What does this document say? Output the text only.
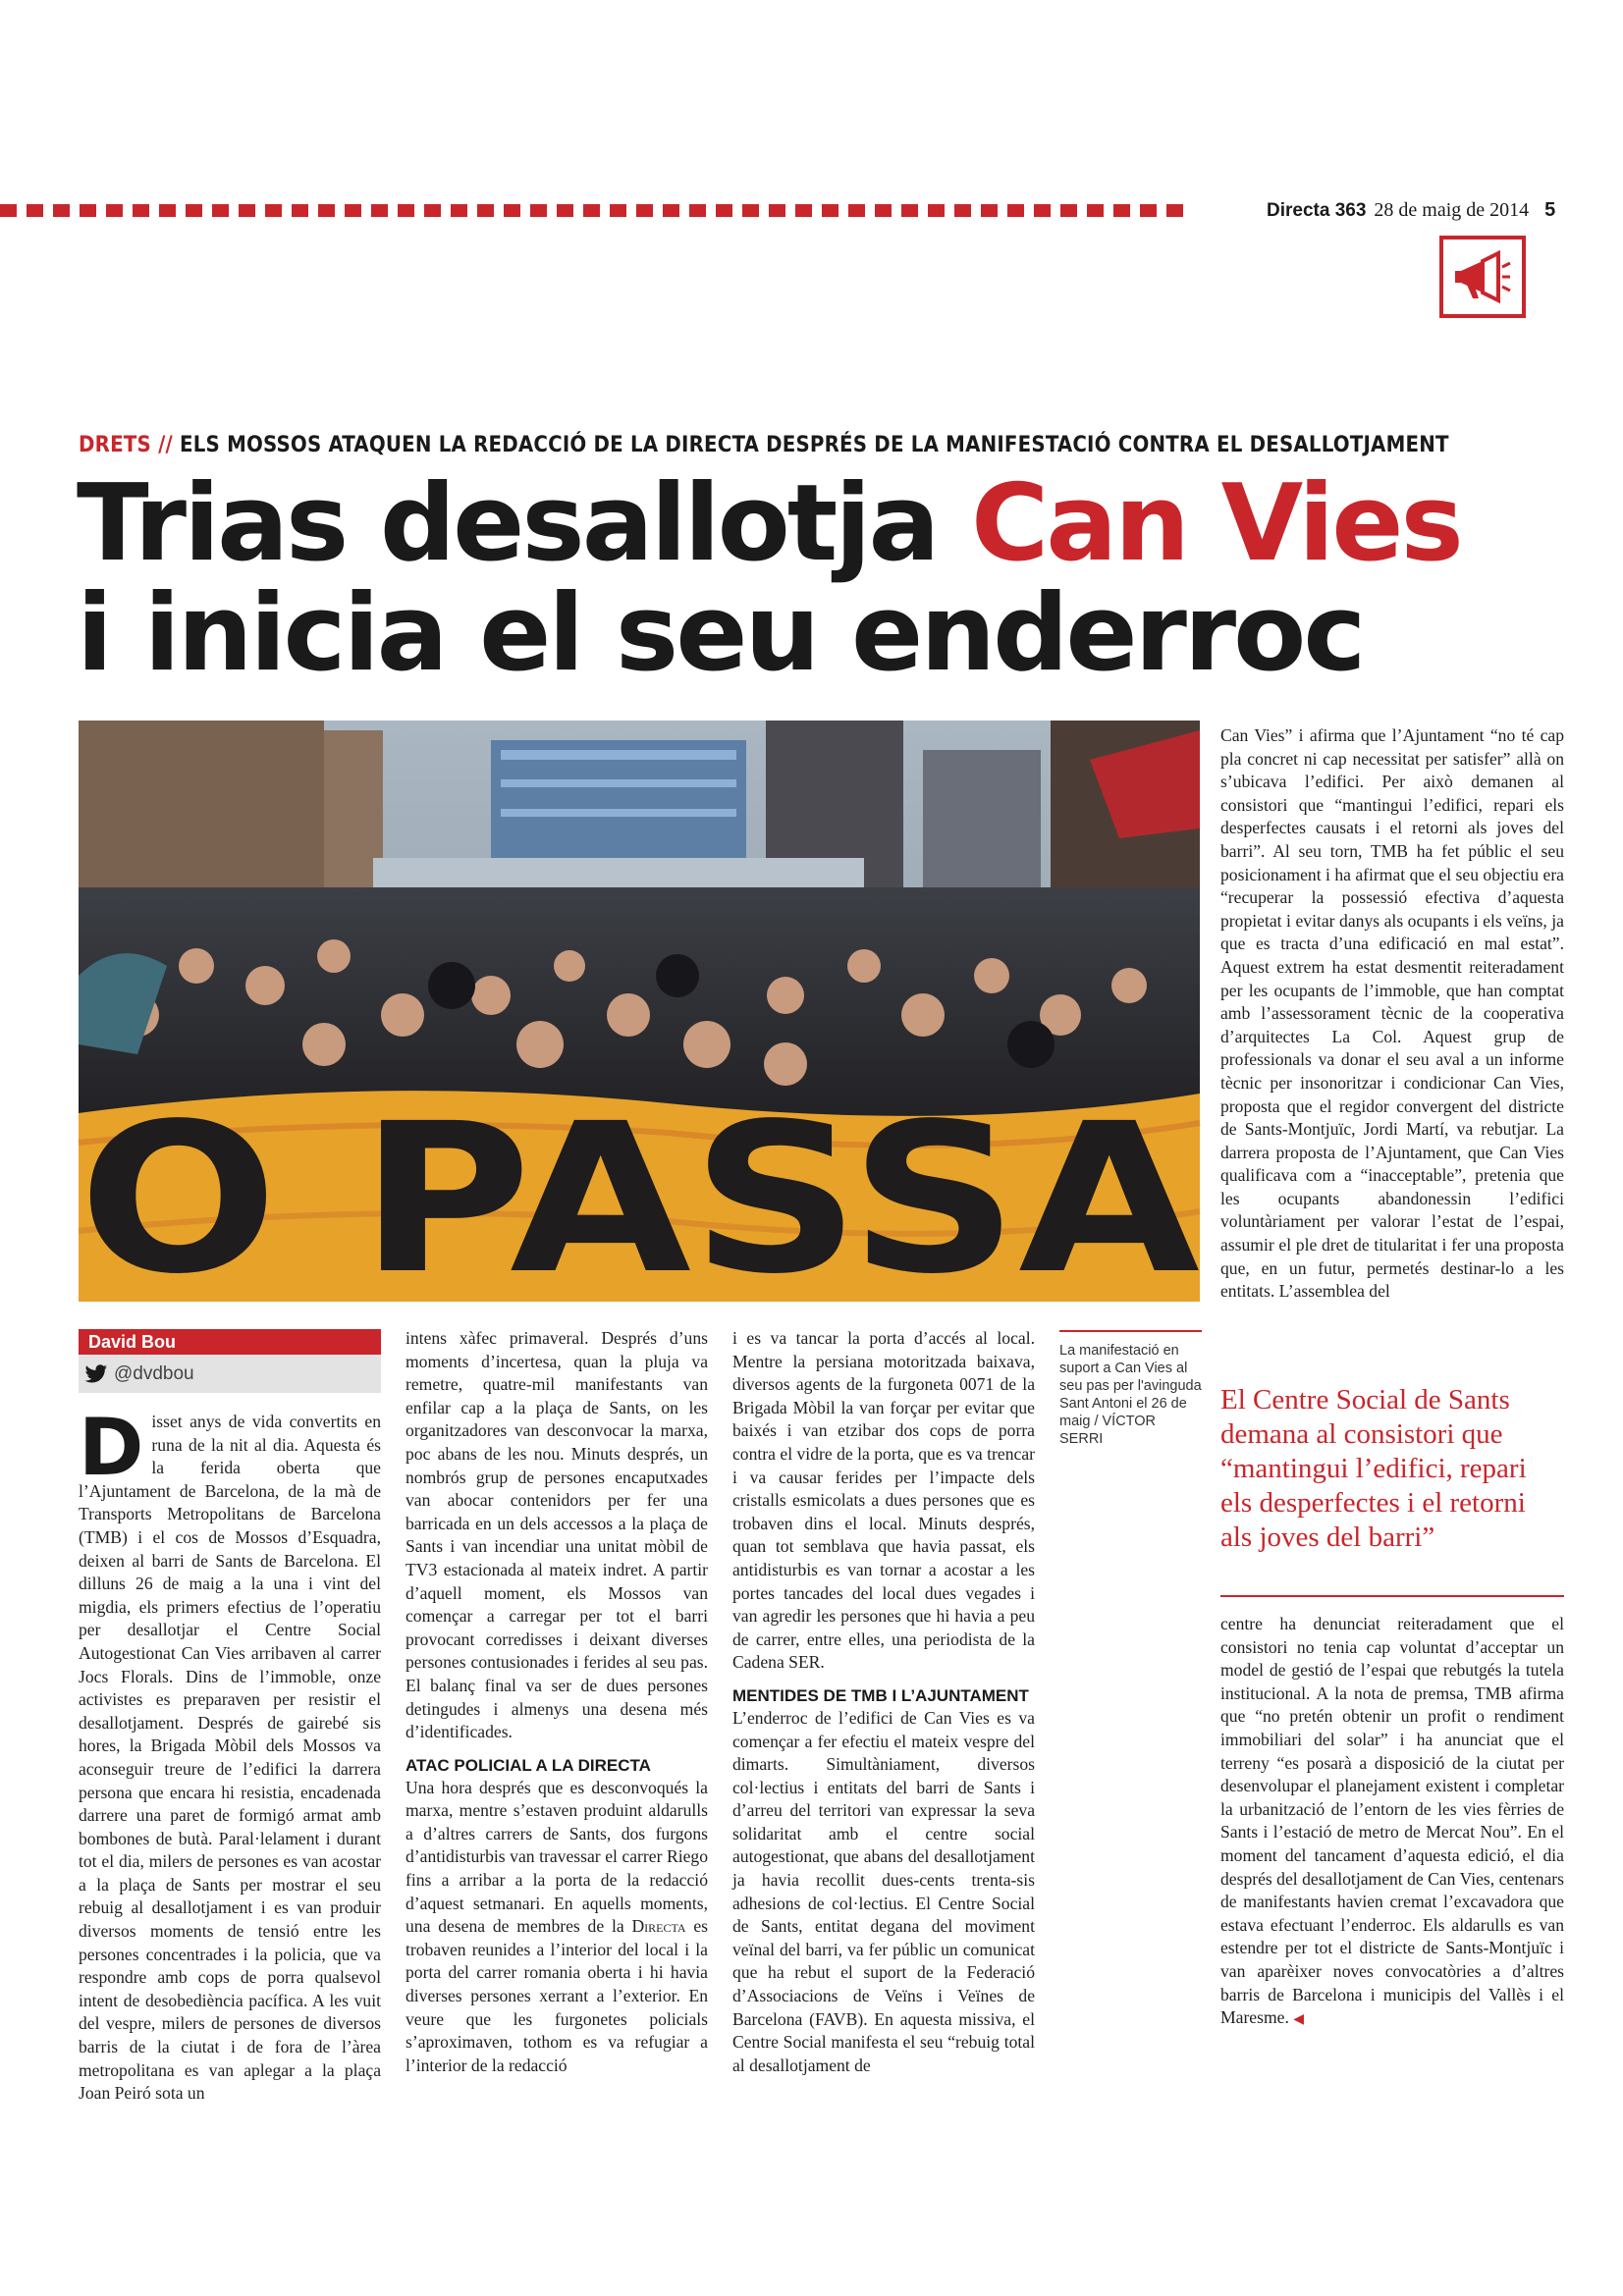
Directa 363 28 de maig de 2014 5
DRETS // ELS MOSSOS ATAQUEN LA REDACCIÓ DE LA DIRECTA DESPRÉS DE LA MANIFESTACIÓ CONTRA EL DESALLOTJAMENT
Trias desallotja Can Vies
i inicia el seu enderroc
O PASSA
David Bou
@dvdbou

Disset anys de vida convertits en runa de la nit al dia. Aquesta és la ferida oberta que l’Ajuntament de Barcelona, de la mà de Transports Metropolitans de Barcelona (TMB) i el cos de Mossos d’Esquadra, deixen al barri de Sants de Barcelona. El dilluns 26 de maig a la una i vint del migdia, els primers efectius de l’operatiu per desallotjar el Centre Social Autogestionat Can Vies arribaven al carrer Jocs Florals. Dins de l’immoble, onze activistes es preparaven per resistir el desallotjament. Després de gairebé sis hores, la Brigada Mòbil dels Mossos va aconseguir treure de l’edifici la darrera persona que encara hi resistia, encadenada darrere una paret de formigó armat amb bombones de butà. Paral·lelament i durant tot el dia, milers de persones es van acostar a la plaça de Sants per mostrar el seu rebuig al desallotjament i es van produir diversos moments de tensió entre les persones concentrades i la policia, que va respondre amb cops de porra qualsevol intent de desobediència pacífica. A les vuit del vespre, milers de persones de diversos barris de la ciutat i de fora de l’àrea metropolitana es van aplegar a la plaça Joan Peiró sota un

intens xàfec primaveral. Després d’uns moments d’incertesa, quan la pluja va remetre, quatre-mil manifestants van enfilar cap a la plaça de Sants, on les organitzadores van desconvocar la marxa, poc abans de les nou. Minuts després, un nombrós grup de persones encaputxades van abocar contenidors per fer una barricada en un dels accessos a la plaça de Sants i van incendiar una unitat mòbil de TV3 estacionada al mateix indret. A partir d’aquell moment, els Mossos van començar a carregar per tot el barri provocant corredisses i deixant diverses persones contusionades i ferides al seu pas. El balanç final va ser de dues persones detingudes i almenys una desena més d’identificades.

ATAC POLICIAL A LA DIRECTA

Una hora després que es desconvoqués la marxa, mentre s’estaven produint aldarulls a d’altres carrers de Sants, dos furgons d’antidisturbis van travessar el carrer Riego fins a arribar a la porta de la redacció d’aquest setmanari. En aquells moments, una desena de membres de la Directa es trobaven reunides a l’interior del local i la porta del carrer romania oberta i hi havia diverses persones xerrant a l’exterior. En veure que les furgonetes policials s’aproximaven, tothom es va refugiar a l’interior de la redacció

i es va tancar la porta d’accés al local. Mentre la persiana motoritzada baixava, diversos agents de la furgoneta 0071 de la Brigada Mòbil la van forçar per evitar que baixés i van etzibar dos cops de porra contra el vidre de la porta, que es va trencar i va causar ferides per l’impacte dels cristalls esmicolats a dues persones que es trobaven dins el local. Minuts després, quan tot semblava que havia passat, els antidisturbis es van tornar a acostar a les portes tancades del local dues vegades i van agredir les persones que hi havia a peu de carrer, entre elles, una periodista de la Cadena SER.

MENTIDES DE TMB I L’AJUNTAMENT

L’enderroc de l’edifici de Can Vies es va començar a fer efectiu el mateix vespre del dimarts. Simultàniament, diversos col·lectius i entitats del barri de Sants i d’arreu del territori van expressar la seva solidaritat amb el centre social autogestionat, que abans del desallotjament ja havia recollit dues-cents trenta-sis adhesions de col·lectius. El Centre Social de Sants, entitat degana del moviment veïnal del barri, va fer públic un comunicat que ha rebut el suport de la Federació d’Associacions de Veïns i Veïnes de Barcelona (FAVB). En aquesta missiva, el Centre Social manifesta el seu “rebuig total al desallotjament de

La manifestació en suport a Can Vies al seu pas per l'avinguda Sant Antoni el 26 de maig / VÍCTOR SERRI

Can Vies” i afirma que l’Ajuntament “no té cap pla concret ni cap necessitat per satisfer” allà on s’ubicava l’edifici. Per això demanen al consistori que “mantingui l’edifici, repari els desperfectes causats i el retorni als joves del barri”. Al seu torn, TMB ha fet públic el seu posicionament i ha afirmat que el seu objectiu era “recuperar la possessió efectiva d’aquesta propietat i evitar danys als ocupants i els veïns, ja que es tracta d’una edificació en mal estat”. Aquest extrem ha estat desmentit reiteradament per les ocupants de l’immoble, que han comptat amb l’assessorament tècnic de la cooperativa d’arquitectes La Col. Aquest grup de professionals va donar el seu aval a un informe tècnic per insonoritzar i condicionar Can Vies, proposta que el regidor convergent del districte de Sants-Montjuïc, Jordi Martí, va rebutjar. La darrera proposta de l’Ajuntament, que Can Vies qualificava com a “inacceptable”, pretenia que les ocupants abandonessin l’edifici voluntàriament per valorar l’estat de l’espai, assumir el ple dret de titularitat i fer una proposta que, en un futur, permetés destinar-lo a les entitats. L’assemblea del

El Centre Social de Sants demana al consistori que “mantingui l’edifici, repari els desperfectes i el retorni als joves del barri”

centre ha denunciat reiteradament que el consistori no tenia cap voluntat d’acceptar un model de gestió de l’espai que rebutgés la tutela institucional. A la nota de premsa, TMB afirma que “no pretén obtenir un profit o rendiment immobiliari del solar” i ha anunciat que el terreny “es posarà a disposició de la ciutat per desenvolupar el planejament existent i completar la urbanització de l’entorn de les vies fèrries de Sants i l’estació de metro de Mercat Nou”. En el moment del tancament d’aquesta edició, el dia després del desallotjament de Can Vies, centenars de manifestants havien cremat l’excavadora que estava efectuant l’enderroc. Els aldarulls es van estendre per tot el districte de Sants-Montjuïc i van aparèixer noves convocatòries a d’altres barris de Barcelona i municipis del Vallès i el Maresme. ◀
